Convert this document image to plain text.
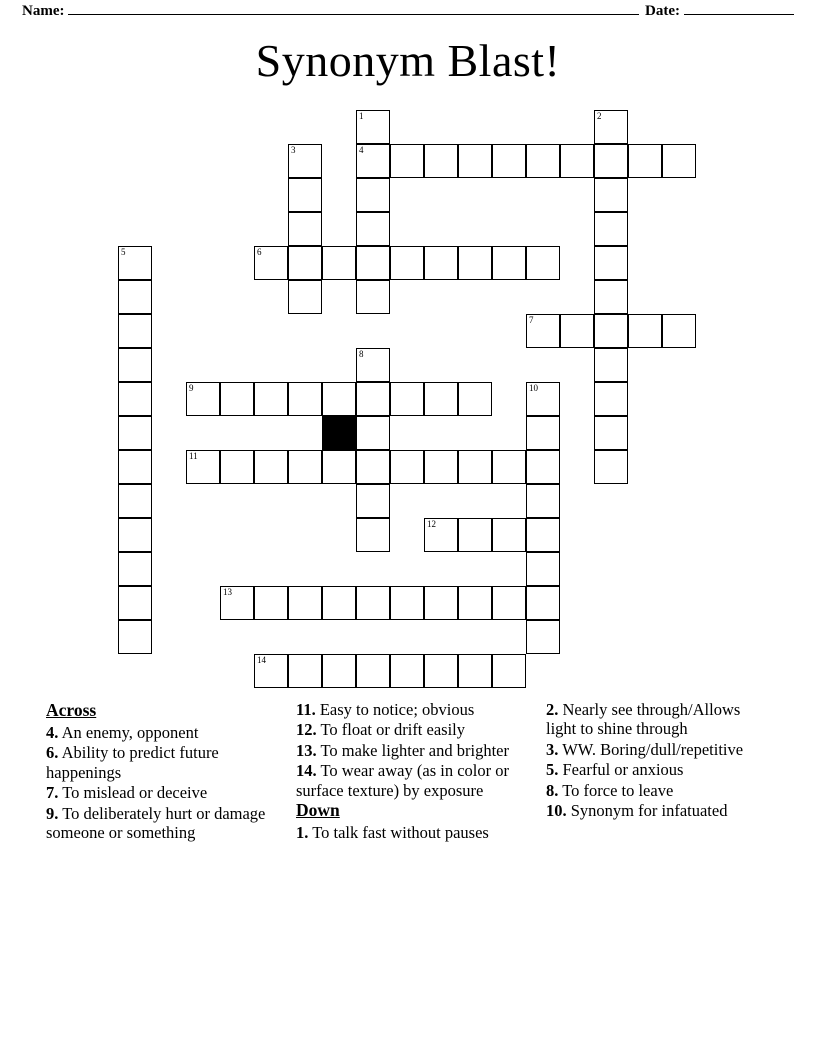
Name:	Date:
Synonym Blast!
1	2
3	4
5	6
7
8
9	10
11
12
13
14
Across
4. An enemy, opponent
6. Ability to predict future happenings
7. To mislead or deceive
9. To deliberately hurt or damage someone or something
11. Easy to notice; obvious
12. To float or drift easily
13. To make lighter and brighter
14. To wear away (as in color or surface texture) by exposure
Down
1. To talk fast without pauses
2. Nearly see through/Allows light to shine through
3. WW. Boring/dull/repetitive
5. Fearful or anxious
8. To force to leave
10. Synonym for infatuated
